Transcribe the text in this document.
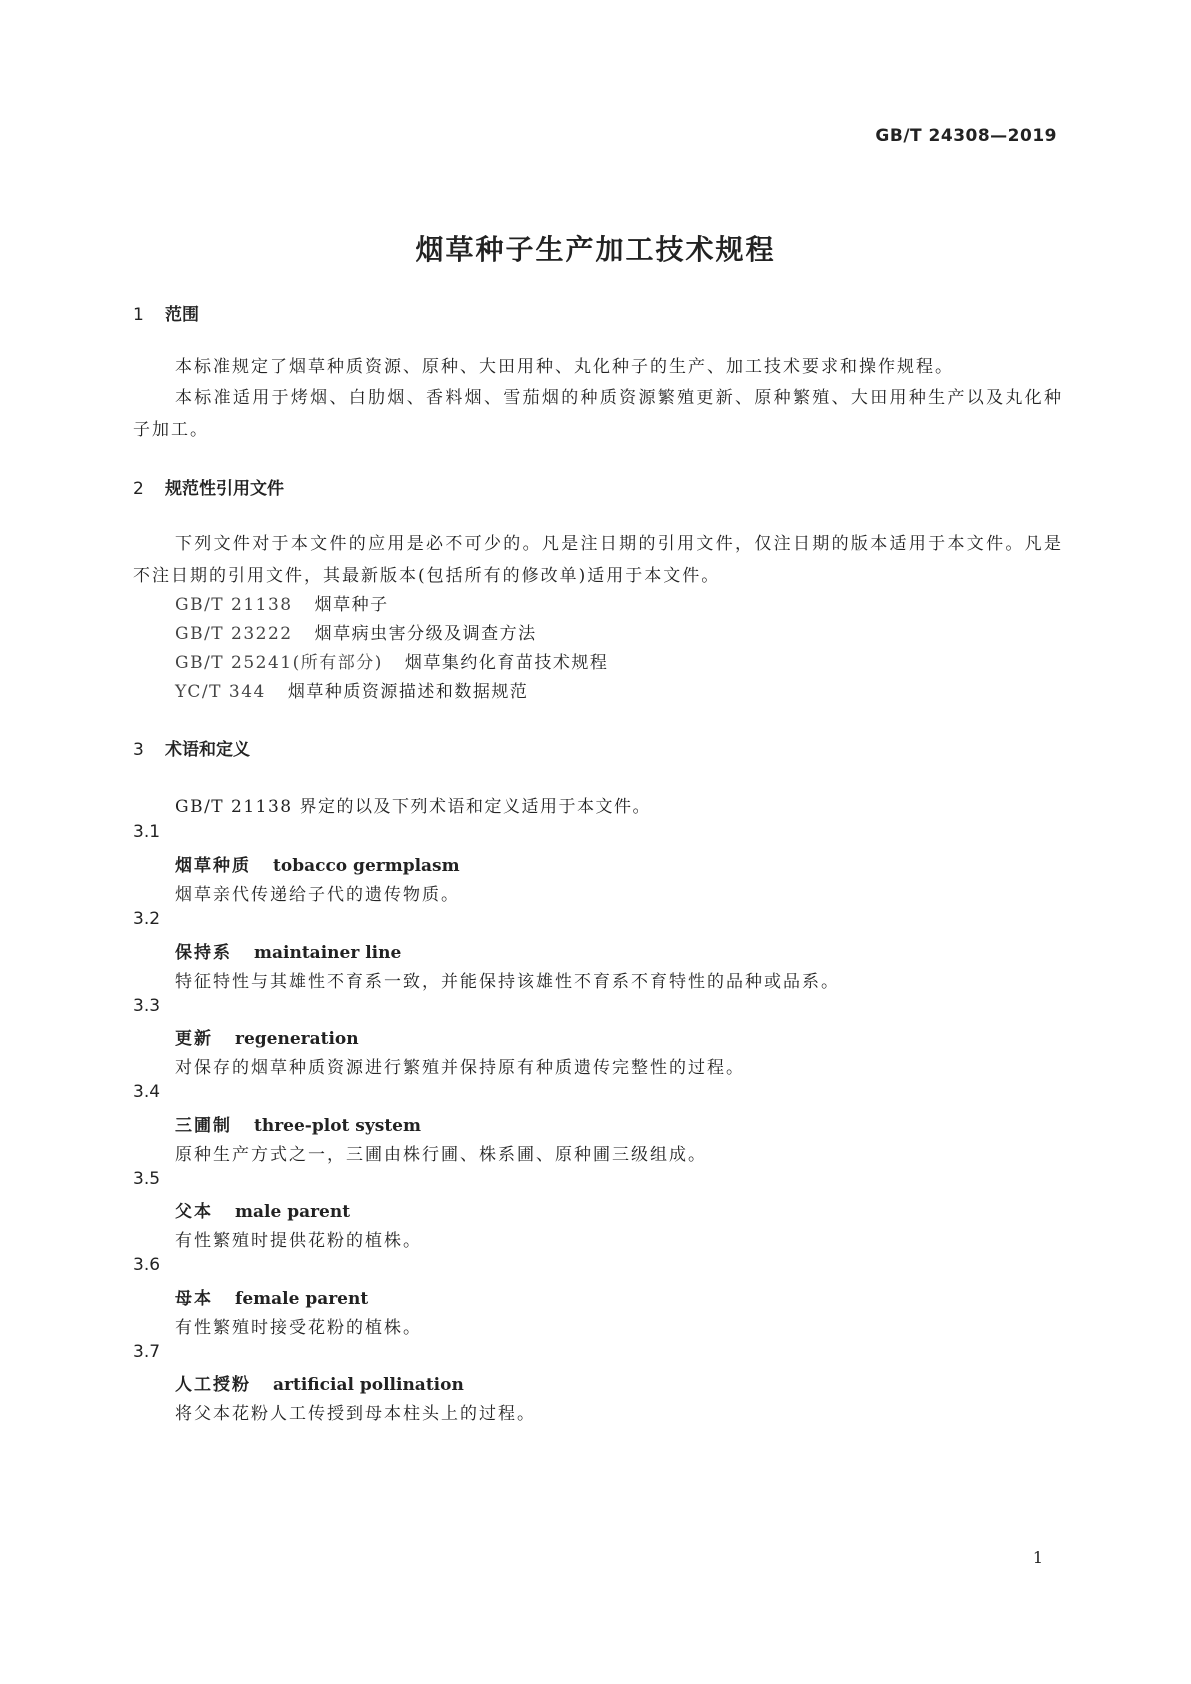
GB/T 24308—2019
烟草种子生产加工技术规程
1 范围
本标准规定了烟草种质资源、原种、大田用种、丸化种子的生产、加工技术要求和操作规程。
本标准适用于烤烟、白肋烟、香料烟、雪茄烟的种质资源繁殖更新、原种繁殖、大田用种生产以及丸化种子加工。
2 规范性引用文件
下列文件对于本文件的应用是必不可少的。凡是注日期的引用文件，仅注日期的版本适用于本文件。凡是不注日期的引用文件，其最新版本(包括所有的修改单)适用于本文件。
GB/T 21138 烟草种子
GB/T 23222 烟草病虫害分级及调查方法
GB/T 25241(所有部分) 烟草集约化育苗技术规程
YC/T 344 烟草种质资源描述和数据规范
3 术语和定义
GB/T 21138 界定的以及下列术语和定义适用于本文件。
3.1
烟草种质 tobacco germplasm
烟草亲代传递给子代的遗传物质。
3.2
保持系 maintainer line
特征特性与其雄性不育系一致，并能保持该雄性不育系不育特性的品种或品系。
3.3
更新 regeneration
对保存的烟草种质资源进行繁殖并保持原有种质遗传完整性的过程。
3.4
三圃制 three-plot system
原种生产方式之一，三圃由株行圃、株系圃、原种圃三级组成。
3.5
父本 male parent
有性繁殖时提供花粉的植株。
3.6
母本 female parent
有性繁殖时接受花粉的植株。
3.7
人工授粉 artificial pollination
将父本花粉人工传授到母本柱头上的过程。
1
